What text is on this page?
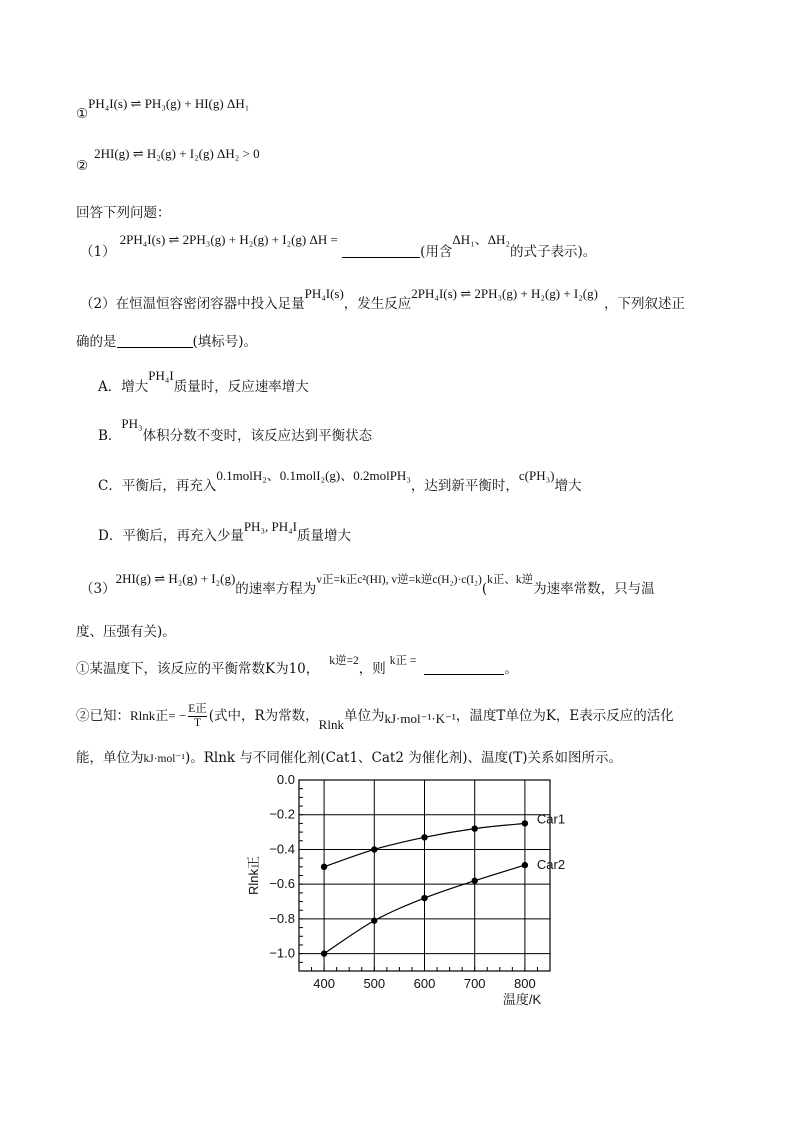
①PH₄I(s) ⇌ PH₃(g) + HI(g) ΔH₁
②2HI(g) ⇌ H₂(g) + I₂(g) ΔH₂ > 0
回答下列问题：
（1）2PH₄I(s) ⇌ 2PH₃(g) + H₂(g) + I₂(g) ΔH = (用含ΔH₁、ΔH₂的式子表示)。
（2）在恒温恒容密闭容器中投入足量PH₄I(s)，发生反应2PH₄I(s) ⇌ 2PH₃(g) + H₂(g) + I₂(g)，下列叙述正
确的是	(填标号)。
A．增大PH₄I质量时，反应速率增大
B．PH₃体积分数不变时，该反应达到平衡状态
C．平衡后，再充入0.1molH₂、0.1molI₂(g)、0.2molPH₃，达到新平衡时，c(PH₃)增大
D．平衡后，再充入少量PH₃, PH₄I质量增大
（3）2HI(g) ⇌ H₂(g) + I₂(g)的速率方程为v正=k正c²(HI), v逆=k逆c(H₂)·c(I₂)(k正、k逆为速率常数，只与温
度、压强有关)。
①某温度下，该反应的平衡常数K为10， k逆=2，则 k正 =	。
②已知：Rlnk正= − E正
T (式中，R为常数，Rlnk单位为kJ·mol⁻¹·K⁻¹，温度T单位为K，E表示反应的活化
能，单位为kJ·mol⁻¹)。Rlnk 与不同催化剂(Cat1、Cat2 为催化剂)、温度(T)关系如图所示。
0.0
−0.2
−0.4
−0.6
−0.8
−1.0
400 500 600 700 800
Car1
Car2
温度/K
Rlnk正
